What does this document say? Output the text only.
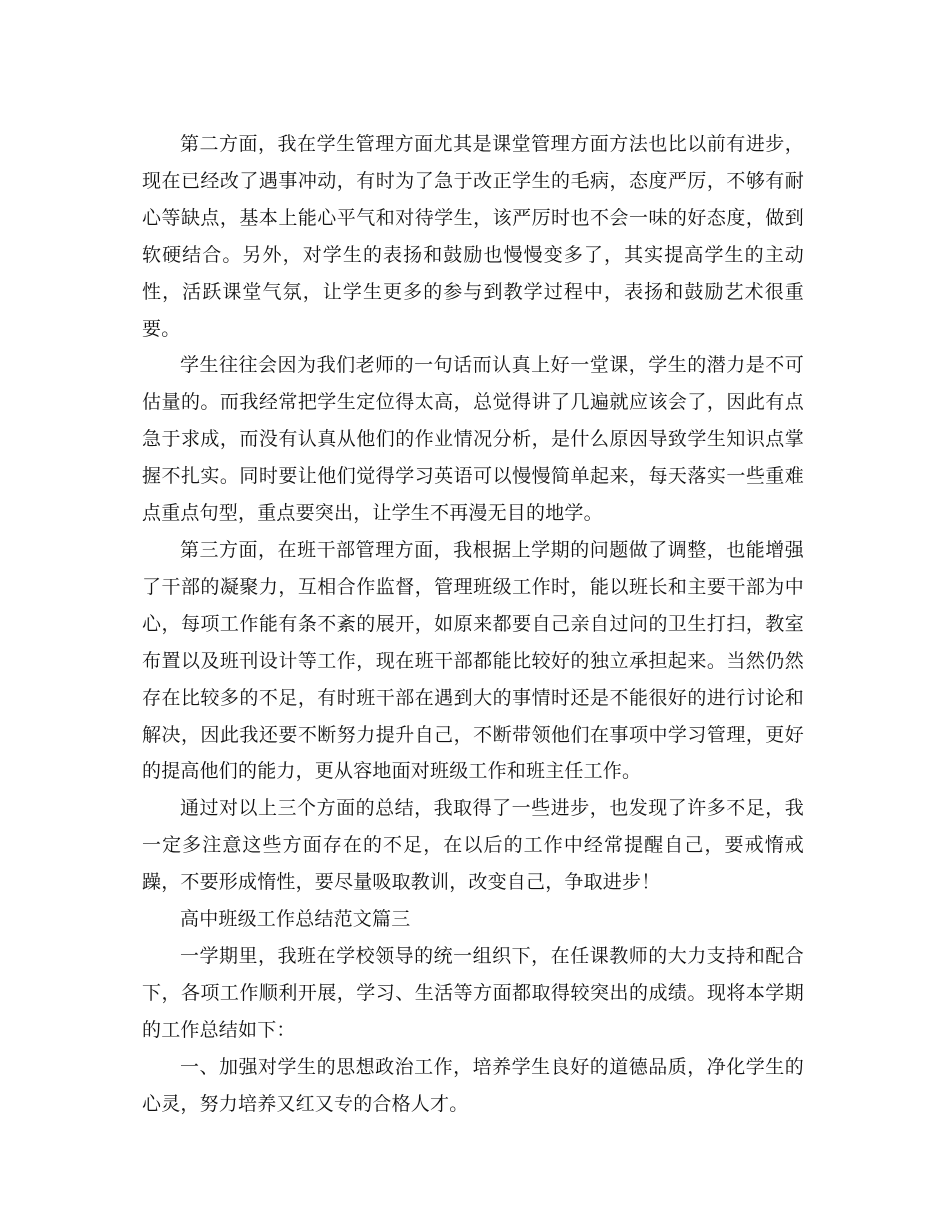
第二方面，我在学生管理方面尤其是课堂管理方面方法也比以前有进步，现在已经改了遇事冲动，有时为了急于改正学生的毛病，态度严厉，不够有耐心等缺点，基本上能心平气和对待学生，该严厉时也不会一味的好态度，做到软硬结合。另外，对学生的表扬和鼓励也慢慢变多了，其实提高学生的主动性，活跃课堂气氛，让学生更多的参与到教学过程中，表扬和鼓励艺术很重要。

学生往往会因为我们老师的一句话而认真上好一堂课，学生的潜力是不可估量的。而我经常把学生定位得太高，总觉得讲了几遍就应该会了，因此有点急于求成，而没有认真从他们的作业情况分析，是什么原因导致学生知识点掌握不扎实。同时要让他们觉得学习英语可以慢慢简单起来，每天落实一些重难点重点句型，重点要突出，让学生不再漫无目的地学。

第三方面，在班干部管理方面，我根据上学期的问题做了调整，也能增强了干部的凝聚力，互相合作监督，管理班级工作时，能以班长和主要干部为中心，每项工作能有条不紊的展开，如原来都要自己亲自过问的卫生打扫，教室布置以及班刊设计等工作，现在班干部都能比较好的独立承担起来。当然仍然存在比较多的不足，有时班干部在遇到大的事情时还是不能很好的进行讨论和解决，因此我还要不断努力提升自己，不断带领他们在事项中学习管理，更好的提高他们的能力，更从容地面对班级工作和班主任工作。

通过对以上三个方面的总结，我取得了一些进步，也发现了许多不足，我一定多注意这些方面存在的不足，在以后的工作中经常提醒自己，要戒惰戒躁，不要形成惰性，要尽量吸取教训，改变自己，争取进步！

高中班级工作总结范文篇三

一学期里，我班在学校领导的统一组织下，在任课教师的大力支持和配合下，各项工作顺利开展，学习、生活等方面都取得较突出的成绩。现将本学期的工作总结如下：

一、加强对学生的思想政治工作，培养学生良好的道德品质，净化学生的心灵，努力培养又红又专的合格人才。
